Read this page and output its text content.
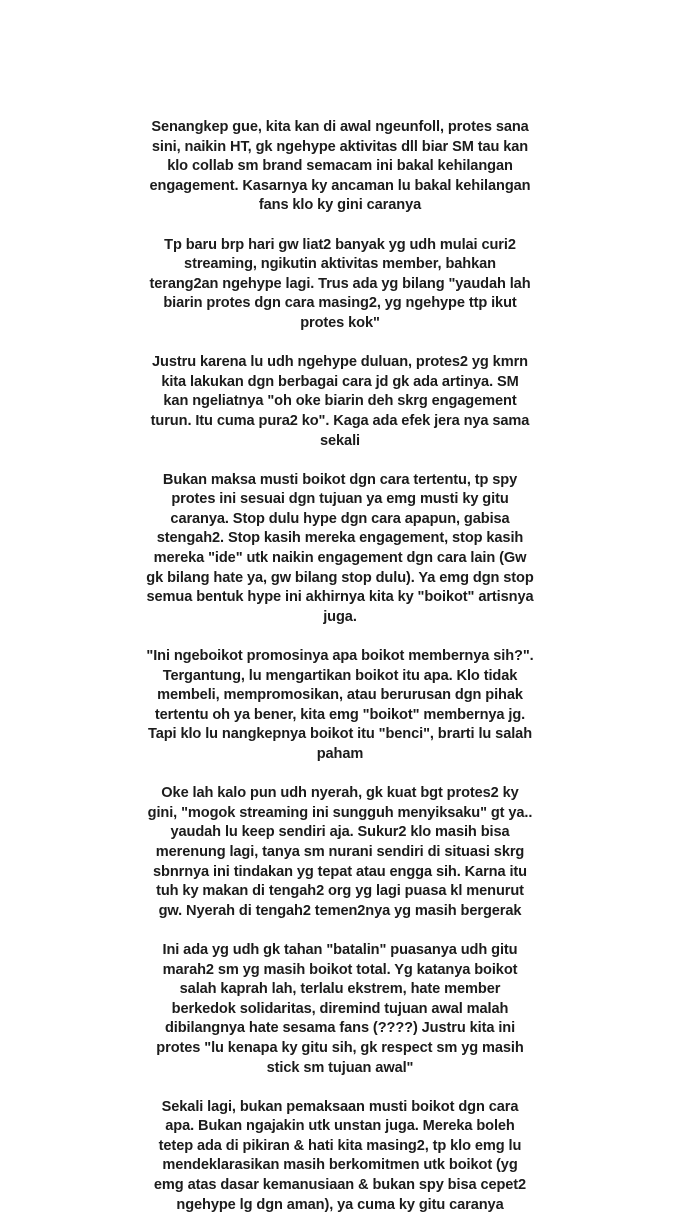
Senangkep gue, kita kan di awal ngeunfoll, protes sana
sini, naikin HT, gk ngehype aktivitas dll biar SM tau kan
klo collab sm brand semacam ini bakal kehilangan
engagement. Kasarnya ky ancaman lu bakal kehilangan
fans klo ky gini caranya
Tp baru brp hari gw liat2 banyak yg udh mulai curi2
streaming, ngikutin aktivitas member, bahkan
terang2an ngehype lagi. Trus ada yg bilang "yaudah lah
biarin protes dgn cara masing2, yg ngehype ttp ikut
protes kok"
Justru karena lu udh ngehype duluan, protes2 yg kmrn
kita lakukan dgn berbagai cara jd gk ada artinya. SM
kan ngeliatnya "oh oke biarin deh skrg engagement
turun. Itu cuma pura2 ko". Kaga ada efek jera nya sama
sekali
Bukan maksa musti boikot dgn cara tertentu, tp spy
protes ini sesuai dgn tujuan ya emg musti ky gitu
caranya. Stop dulu hype dgn cara apapun, gabisa
stengah2. Stop kasih mereka engagement, stop kasih
mereka "ide" utk naikin engagement dgn cara lain (Gw
gk bilang hate ya, gw bilang stop dulu). Ya emg dgn stop
semua bentuk hype ini akhirnya kita ky "boikot" artisnya
juga.
"Ini ngeboikot promosinya apa boikot membernya sih?".
Tergantung, lu mengartikan boikot itu apa. Klo tidak
membeli, mempromosikan, atau berurusan dgn pihak
tertentu oh ya bener, kita emg "boikot" membernya jg.
Tapi klo lu nangkepnya boikot itu "benci", brarti lu salah
paham
Oke lah kalo pun udh nyerah, gk kuat bgt protes2 ky
gini, "mogok streaming ini sungguh menyiksaku" gt ya..
yaudah lu keep sendiri aja. Sukur2 klo masih bisa
merenung lagi, tanya sm nurani sendiri di situasi skrg
sbnrnya ini tindakan yg tepat atau engga sih. Karna itu
tuh ky makan di tengah2 org yg lagi puasa kl menurut
gw. Nyerah di tengah2 temen2nya yg masih bergerak
Ini ada yg udh gk tahan "batalin" puasanya udh gitu
marah2 sm yg masih boikot total. Yg katanya boikot
salah kaprah lah, terlalu ekstrem, hate member
berkedok solidaritas, diremind tujuan awal malah
dibilangnya hate sesama fans (????) Justru kita ini
protes "lu kenapa ky gitu sih, gk respect sm yg masih
stick sm tujuan awal"
Sekali lagi, bukan pemaksaan musti boikot dgn cara
apa. Bukan ngajakin utk unstan juga. Mereka boleh
tetep ada di pikiran & hati kita masing2, tp klo emg lu
mendeklarasikan masih berkomitmen utk boikot (yg
emg atas dasar kemanusiaan & bukan spy bisa cepet2
ngehype lg dgn aman), ya cuma ky gitu caranya
